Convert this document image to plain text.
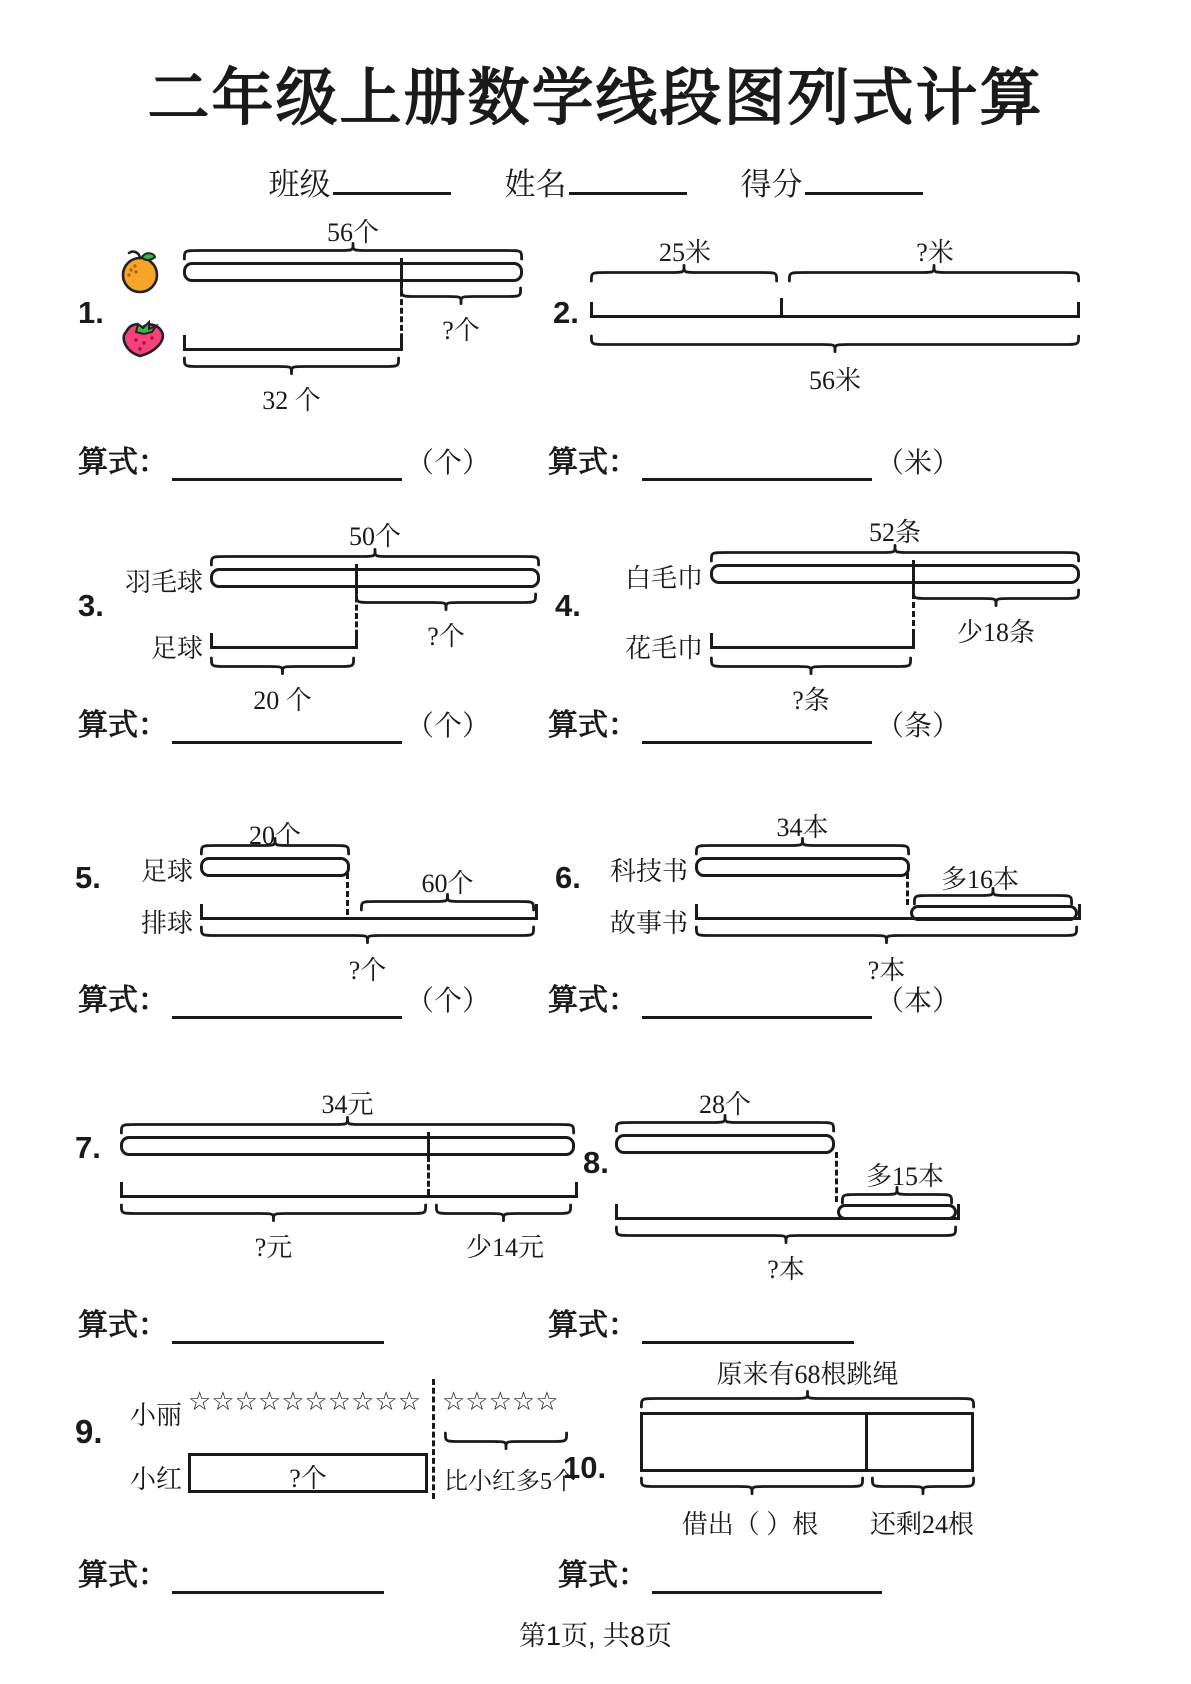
二年级上册数学线段图列式计算
班级	姓名	得分
1.
56个
?个
32 个
2.
25米	?米
56米
算式：	（个） 算式：	（米）
3.
50个
羽毛球
?个
足球
20 个
4.
52条
白毛巾
少18条
花毛巾
?条
算式：	（个） 算式：	（条）
5.
20个
足球	60个
排球
?个
6.
34本
科技书	多16本
故事书
?本
算式：	（个） 算式：	（本）
7.
34元
?元	少14元
8.
28个
多15本
?本
算式：	算式：
9.	小丽 ☆☆☆☆☆☆☆☆☆☆ ☆☆☆☆☆
小红	?个	比小红多5个
10.
原来有68根跳绳
借出（ ）根	还剩24根
算式：	算式：
第1页, 共8页
